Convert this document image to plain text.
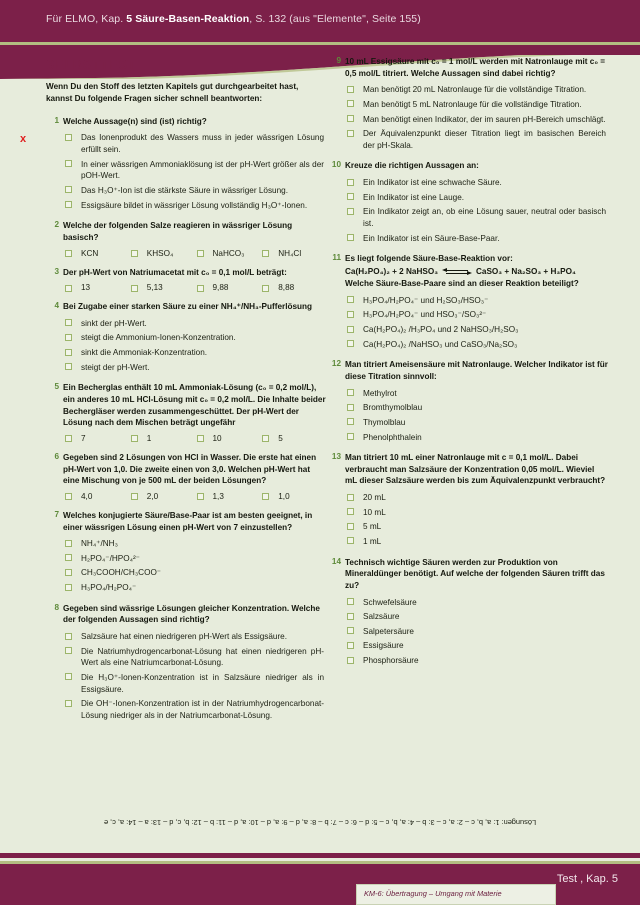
Für ELMO, Kap. 5 Säure-Basen-Reaktion, S. 132 (aus "Elemente", Seite 155)
x
SELBSTTEST
Wenn Du den Stoff des letzten Kapitels gut durchgearbeitet hast, kannst Du folgende Fragen sicher schnell beantworten:
1 Welche Aussage(n) sind (ist) richtig?
Das Ionenprodukt des Wassers muss in jeder wässrigen Lösung erfüllt sein.
In einer wässrigen Ammoniaklösung ist der pH-Wert größer als der pOH-Wert.
Das H₃O⁺-Ion ist die stärkste Säure in wässriger Lösung.
Essigsäure bildet in wässriger Lösung vollständig H₃O⁺-Ionen.
2 Welche der folgenden Salze reagieren in wässriger Lösung basisch?
KCN	KHSO₄	NaHCO₃	NH₄Cl
3 Der pH-Wert von Natriumacetat mit c₀ = 0,1 mol/L beträgt:
13	5,13	9,88	8,88
4 Bei Zugabe einer starken Säure zu einer NH₄⁺/NH₃-Pufferlösung
sinkt der pH-Wert.
steigt die Ammonium-Ionen-Konzentration.
sinkt die Ammoniak-Konzentration.
steigt der pH-Wert.
5 Ein Becherglas enthält 10 mL Ammoniak-Lösung (c₀ = 0,2 mol/L), ein anderes 10 mL HCl-Lösung mit c₀ = 0,2 mol/L. Die Inhalte beider Bechergläser werden zusammengeschüttet. Der pH-Wert der Lösung nach dem Mischen beträgt ungefähr
7	1	10	5
6 Gegeben sind 2 Lösungen von HCl in Wasser. Die erste hat einen pH-Wert von 1,0. Die zweite einen von 3,0. Welchen pH-Wert hat eine Mischung von je 500 mL der beiden Lösungen?
4,0	2,0	1,3	1,0
7 Welches konjugierte Säure/Base-Paar ist am besten geeignet, in einer wässrigen Lösung einen pH-Wert von 7 einzustellen?
NH₄⁺/NH₃
H₂PO₄⁻/HPO₄²⁻
CH₃COOH/CH₃COO⁻
H₃PO₄/H₂PO₄⁻
8 Gegeben sind wässrige Lösungen gleicher Konzentration. Welche der folgenden Aussagen sind richtig?
Salzsäure hat einen niedrigeren pH-Wert als Essigsäure.
Die Natriumhydrogencarbonat-Lösung hat einen niedrigeren pH-Wert als eine Natriumcarbonat-Lösung.
Die H₃O⁺-Ionen-Konzentration ist in Salzsäure niedriger als in Essigsäure.
Die OH⁻-Ionen-Konzentration ist in der Natriumhydrogencarbonat-Lösung niedriger als in der Natriumcarbonat-Lösung.
9 10 mL Essigsäure mit c₀ = 1 mol/L werden mit Natronlauge mit c₀ = 0,5 mol/L titriert. Welche Aussagen sind dabei richtig?
Man benötigt 20 mL Natronlauge für die vollständige Titration.
Man benötigt 5 mL Natronlauge für die vollständige Titration.
Man benötigt einen Indikator, der im sauren pH-Bereich umschlägt.
Der Äquivalenzpunkt dieser Titration liegt im basischen Bereich der pH-Skala.
10 Kreuze die richtigen Aussagen an:
Ein Indikator ist eine schwache Säure.
Ein Indikator ist eine Lauge.
Ein Indikator zeigt an, ob eine Lösung sauer, neutral oder basisch ist.
Ein Indikator ist ein Säure-Base-Paar.
11 Es liegt folgende Säure-Base-Reaktion vor:
Ca(H₂PO₄)₂ + 2 NaHSO₃	CaSO₃ + Na₂SO₃ + H₃PO₄
Welche Säure-Base-Paare sind an dieser Reaktion beteiligt?
H₃PO₄/H₂PO₄⁻ und H₂SO₃/HSO₃⁻
H₃PO₄/H₂PO₄⁻ und HSO₃⁻/SO₃²⁻
Ca(H₂PO₄)₂ /H₃PO₄ und 2 NaHSO₃/H₂SO₃
Ca(H₂PO₄)₂ /NaHSO₃ und CaSO₃/Na₂SO₃
12 Man titriert Ameisensäure mit Natronlauge. Welcher Indikator ist für diese Titration sinnvoll:
Methylrot
Bromthymolblau
Thymolblau
Phenolphthalein
13 Man titriert 10 mL einer Natronlauge mit c = 0,1 mol/L. Dabei verbraucht man Salzsäure der Konzentration 0,05 mol/L. Wieviel mL dieser Salzsäure werden bis zum Äquivalenzpunkt verbraucht?
20 mL
10 mL
5 mL
1 mL
14 Technisch wichtige Säuren werden zur Produktion von Mineraldünger benötigt. Auf welche der folgenden Säuren trifft das zu?
Schwefelsäure
Salzsäure
Salpetersäure
Essigsäure
Phosphorsäure
Lösungen: 1: a, b, c – 2: a, c – 3: b – 4: a, b, c – 5: d – 6: c – 7: b – 8: a, d – 9: a, d – 10: a, d – 11: b – 12: b, c, d – 13: a – 14: a, c, e
Test , Kap. 5
KM-6: Übertragung – Umgang mit Materie
